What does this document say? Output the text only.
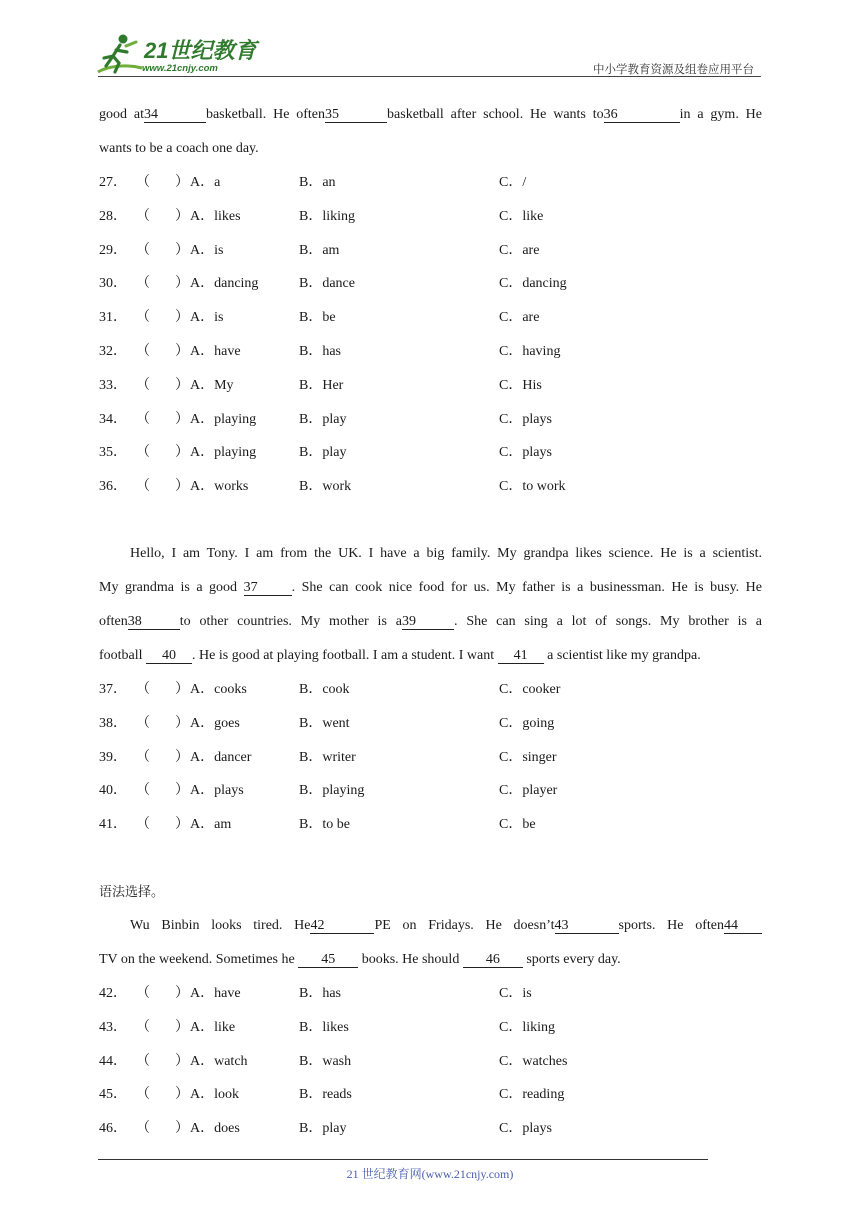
21世纪教育
www.21cnjy.com	中小学教育资源及组卷应用平台
good at34	basketball. He often35	basketball after school. He wants to36	in a gym. He
wants to be a coach one day.
27． （ ） A．a	B．an	C．/
28． （ ） A．likes	B．liking	C．like
29． （ ） A．is	B．am	C．are
30． （ ） A．dancing	B．dance	C．dancing
31． （ ） A．is	B．be	C．are
32． （ ） A．have	B．has	C．having
33． （ ） A．My	B．Her	C．His
34． （ ） A．playing	B．play	C．plays
35． （ ） A．playing	B．play	C．plays
36． （ ） A．works	B．work	C．to work
Hello, I am Tony. I am from the UK. I have a big family. My grandpa likes science. He is a scientist.
My grandma is a good 37 . She can cook nice food for us. My father is a businessman. He is busy. He
often38	to other countries. My mother is a39	. She can sing a lot of songs. My brother is a
football 40 . He is good at playing football. I am a student. I want 41 a scientist like my grandpa.
37． （ ） A．cooks	B．cook	C．cooker
38． （ ） A．goes	B．went	C．going
39． （ ） A．dancer	B．writer	C．singer
40． （ ） A．plays	B．playing	C．player
41． （ ） A．am	B．to be	C．be
语法选择。
Wu Binbin looks tired. He42	PE on Fridays. He doesn’t43	sports. He often44
TV on the weekend. Sometimes he 45 books. He should 46 sports every day.
42． （ ） A．have	B．has	C．is
43． （ ） A．like	B．likes	C．liking
44． （ ） A．watch	B．wash	C．watches
45． （ ） A．look	B．reads	C．reading
46． （ ） A．does	B．play	C．plays
21 世纪教育网(www.21cnjy.com)
